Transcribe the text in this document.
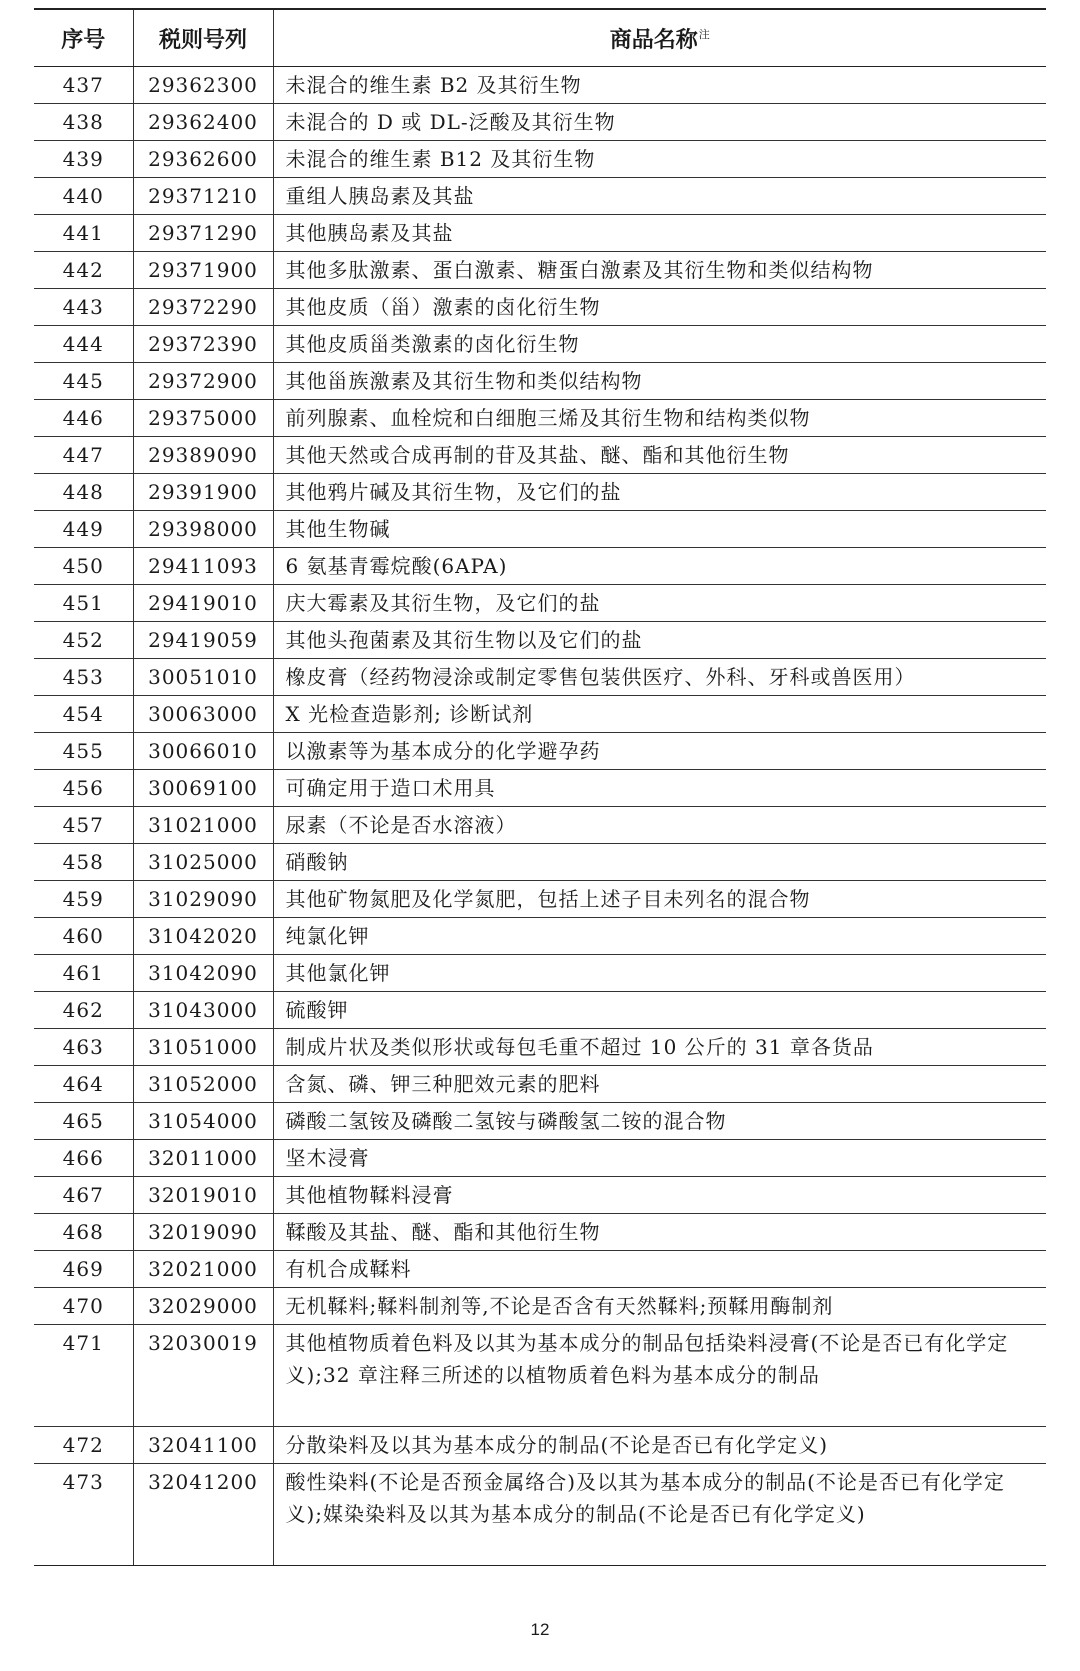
序号	税则号列	商品名称$^注$
437	29362300	未混合的维生素 B2 及其衍生物
438	29362400	未混合的 D 或 DL-泛酸及其衍生物
439	29362600	未混合的维生素 B12 及其衍生物
440	29371210	重组人胰岛素及其盐
441	29371290	其他胰岛素及其盐
442	29371900	其他多肽激素、蛋白激素、糖蛋白激素及其衍生物和类似结构物
443	29372290	其他皮质（甾）激素的卤化衍生物
444	29372390	其他皮质甾类激素的卤化衍生物
445	29372900	其他甾族激素及其衍生物和类似结构物
446	29375000	前列腺素、血栓烷和白细胞三烯及其衍生物和结构类似物
447	29389090	其他天然或合成再制的苷及其盐、醚、酯和其他衍生物
448	29391900	其他鸦片碱及其衍生物，及它们的盐
449	29398000	其他生物碱
450	29411093	6 氨基青霉烷酸(6APA)
451	29419010	庆大霉素及其衍生物，及它们的盐
452	29419059	其他头孢菌素及其衍生物以及它们的盐
453	30051010	橡皮膏（经药物浸涂或制定零售包装供医疗、外科、牙科或兽医用）
454	30063000	X 光检查造影剂; 诊断试剂
455	30066010	以激素等为基本成分的化学避孕药
456	30069100	可确定用于造口术用具
457	31021000	尿素（不论是否水溶液）
458	31025000	硝酸钠
459	31029090	其他矿物氮肥及化学氮肥，包括上述子目未列名的混合物
460	31042020	纯氯化钾
461	31042090	其他氯化钾
462	31043000	硫酸钾
463	31051000	制成片状及类似形状或每包毛重不超过 10 公斤的 31 章各货品
464	31052000	含氮、磷、钾三种肥效元素的肥料
465	31054000	磷酸二氢铵及磷酸二氢铵与磷酸氢二铵的混合物
466	32011000	坚木浸膏
467	32019010	其他植物鞣料浸膏
468	32019090	鞣酸及其盐、醚、酯和其他衍生物
469	32021000	有机合成鞣料
470	32029000	无机鞣料;鞣料制剂等,不论是否含有天然鞣料;预鞣用酶制剂
471	32030019	其他植物质着色料及以其为基本成分的制品包括染料浸膏(不论是否已有化学定义);32 章注释三所述的以植物质着色料为基本成分的制品
472	32041100	分散染料及以其为基本成分的制品(不论是否已有化学定义)
473	32041200	酸性染料(不论是否预金属络合)及以其为基本成分的制品(不论是否已有化学定义);媒染染料及以其为基本成分的制品(不论是否已有化学定义)
12
